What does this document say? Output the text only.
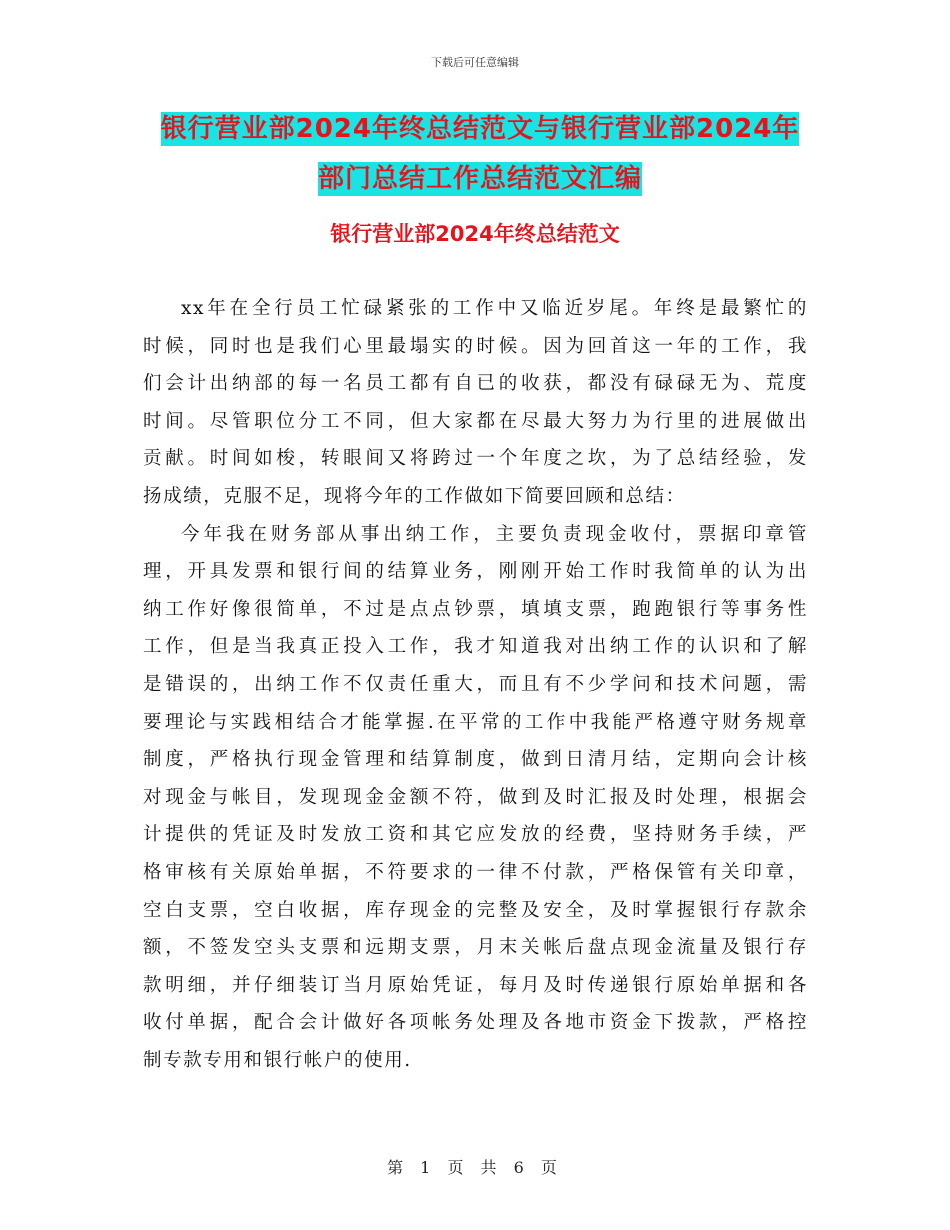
下载后可任意编辑
银行营业部2024年终总结范文与银行营业部2024年
部门总结工作总结范文汇编
银行营业部2024年终总结范文
xx年在全行员工忙碌紧张的工作中又临近岁尾。年终是最繁忙的
时候，同时也是我们心里最塌实的时候。因为回首这一年的工作，我
们会计出纳部的每一名员工都有自已的收获，都没有碌碌无为、荒度
时间。尽管职位分工不同，但大家都在尽最大努力为行里的进展做出
贡献。时间如梭，转眼间又将跨过一个年度之坎，为了总结经验，发
扬成绩，克服不足，现将今年的工作做如下简要回顾和总结：
今年我在财务部从事出纳工作，主要负责现金收付，票据印章管
理，开具发票和银行间的结算业务，刚刚开始工作时我简单的认为出
纳工作好像很简单，不过是点点钞票，填填支票，跑跑银行等事务性
工作，但是当我真正投入工作，我才知道我对出纳工作的认识和了解
是错误的，出纳工作不仅责任重大，而且有不少学问和技术问题，需
要理论与实践相结合才能掌握.在平常的工作中我能严格遵守财务规章
制度，严格执行现金管理和结算制度，做到日清月结，定期向会计核
对现金与帐目，发现现金金额不符，做到及时汇报及时处理，根据会
计提供的凭证及时发放工资和其它应发放的经费，坚持财务手续，严
格审核有关原始单据，不符要求的一律不付款，严格保管有关印章，
空白支票，空白收据，库存现金的完整及安全，及时掌握银行存款余
额，不签发空头支票和远期支票，月末关帐后盘点现金流量及银行存
款明细，并仔细装订当月原始凭证，每月及时传递银行原始单据和各
收付单据，配合会计做好各项帐务处理及各地市资金下拨款，严格控
制专款专用和银行帐户的使用.
第 1 页 共 6 页
